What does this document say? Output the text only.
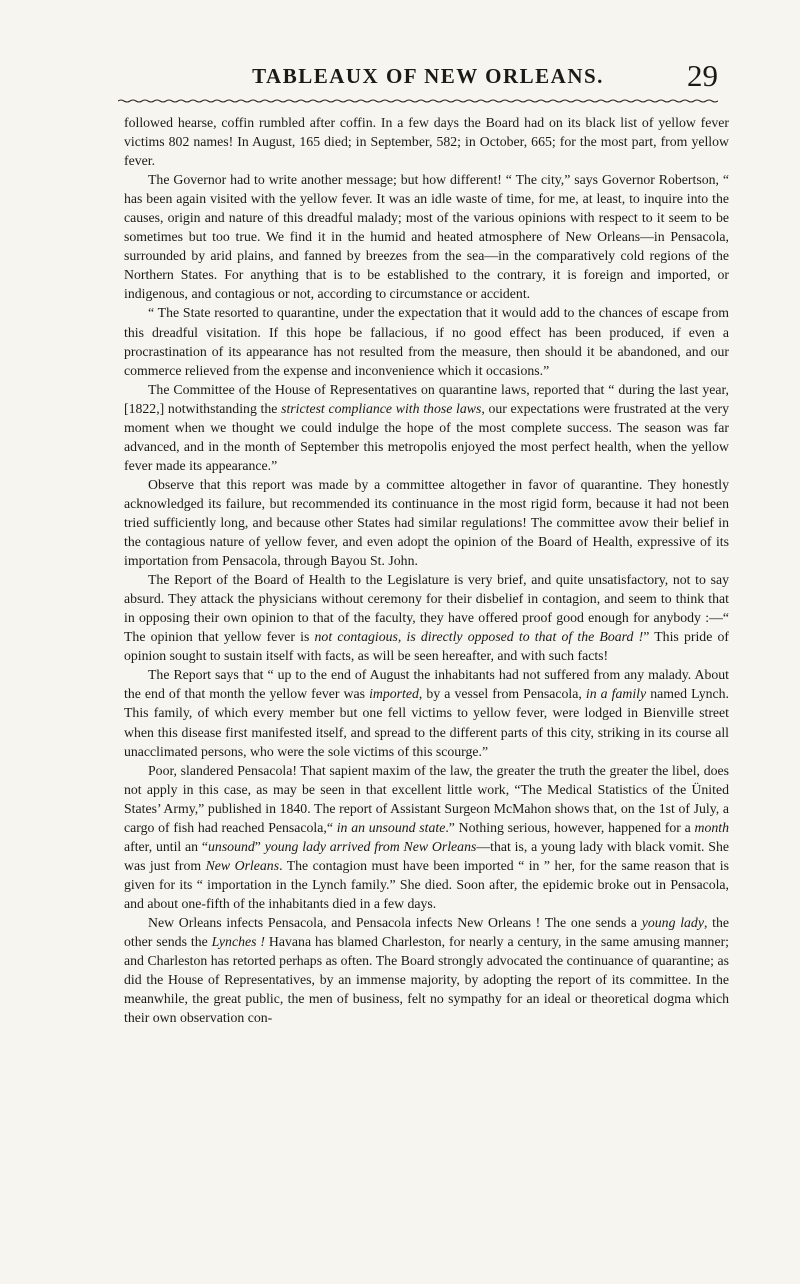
TABLEAUX OF NEW ORLEANS.	29

followed hearse, coffin rumbled after coffin. In a few days the Board had on its black list of yellow fever victims 802 names! In August, 165 died; in September, 582; in October, 665; for the most part, from yellow fever.

The Governor had to write another message; but how different! “ The city,” says Governor Robertson, “ has been again visited with the yellow fever. It was an idle waste of time, for me, at least, to inquire into the causes, origin and nature of this dreadful malady; most of the various opinions with respect to it seem to be sometimes but too true. We find it in the humid and heated atmosphere of New Orleans—in Pensacola, surrounded by arid plains, and fanned by breezes from the sea—in the comparatively cold regions of the Northern States. For anything that is to be established to the contrary, it is foreign and imported, or indigenous, and contagious or not, according to circumstance or accident.

“ The State resorted to quarantine, under the expectation that it would add to the chances of escape from this dreadful visitation. If this hope be fallacious, if no good effect has been produced, if even a procrastination of its appearance has not resulted from the measure, then should it be abandoned, and our commerce relieved from the expense and inconvenience which it occasions.”

The Committee of the House of Representatives on quarantine laws, reported that “ during the last year, [1822,] notwithstanding the strictest compliance with those laws, our expectations were frustrated at the very moment when we thought we could indulge the hope of the most complete success. The season was far advanced, and in the month of September this metropolis enjoyed the most perfect health, when the yellow fever made its appearance.”

Observe that this report was made by a committee altogether in favor of quarantine. They honestly acknowledged its failure, but recommended its continuance in the most rigid form, because it had not been tried sufficiently long, and because other States had similar regulations! The committee avow their belief in the contagious nature of yellow fever, and even adopt the opinion of the Board of Health, expressive of its importation from Pensacola, through Bayou St. John.

The Report of the Board of Health to the Legislature is very brief, and quite unsatisfactory, not to say absurd. They attack the physicians without ceremony for their disbelief in contagion, and seem to think that in opposing their own opinion to that of the faculty, they have offered proof good enough for anybody :—“ The opinion that yellow fever is not contagious, is directly opposed to that of the Board !” This pride of opinion sought to sustain itself with facts, as will be seen hereafter, and with such facts!

The Report says that “ up to the end of August the inhabitants had not suffered from any malady. About the end of that month the yellow fever was imported, by a vessel from Pensacola, in a family named Lynch. This family, of which every member but one fell victims to yellow fever, were lodged in Bienville street when this disease first manifested itself, and spread to the different parts of this city, striking in its course all unacclimated persons, who were the sole victims of this scourge.”

Poor, slandered Pensacola! That sapient maxim of the law, the greater the truth the greater the libel, does not apply in this case, as may be seen in that excellent little work, “The Medical Statistics of the Ünited States’ Army,” published in 1840. The report of Assistant Surgeon McMahon shows that, on the 1st of July, a cargo of fish had reached Pensacola,“ in an unsound state.” Nothing serious, however, happened for a month after, until an “unsound” young lady arrived from New Orleans—that is, a young lady with black vomit. She was just from New Orleans. The contagion must have been imported “ in ” her, for the same reason that is given for its “ importation in the Lynch family.” She died. Soon after, the epidemic broke out in Pensacola, and about one-fifth of the inhabitants died in a few days.

New Orleans infects Pensacola, and Pensacola infects New Orleans ! The one sends a young lady, the other sends the Lynches ! Havana has blamed Charleston, for nearly a century, in the same amusing manner; and Charleston has retorted perhaps as often. The Board strongly advocated the continuance of quarantine; as did the House of Representatives, by an immense majority, by adopting the report of its committee. In the meanwhile, the great public, the men of business, felt no sympathy for an ideal or theoretical dogma which their own observation con-
